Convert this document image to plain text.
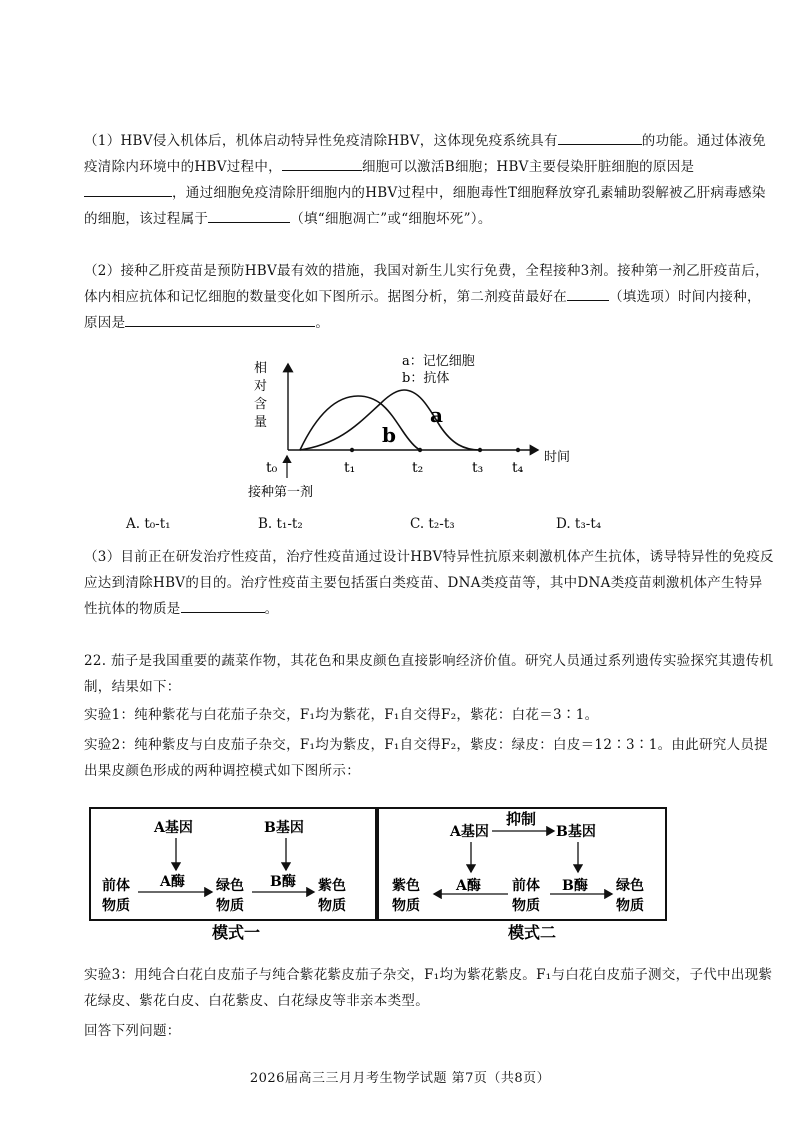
（1）HBV侵入机体后，机体启动特异性免疫清除HBV，这体现免疫系统具有	的功能。通过体液免疫清除内环境中的HBV过程中，	细胞可以激活B细胞；HBV主要侵染肝脏细胞的原因是，通过细胞免疫清除肝细胞内的HBV过程中，细胞毒性T细胞释放穿孔素辅助裂解被乙肝病毒感染的细胞，该过程属于	（填“细胞凋亡”或“细胞坏死”）。
（2）接种乙肝疫苗是预防HBV最有效的措施，我国对新生儿实行免费，全程接种3剂。接种第一剂乙肝疫苗后，体内相应抗体和记忆细胞的数量变化如下图所示。据图分析，第二剂疫苗最好在	（填选项）时间内接种，原因是	。
相
对
含
量
时间
a：记忆细胞
b：抗体
a
b
t₀	t₁	t₂	t₃ t₄
接种第一剂
A. t₀-t₁	B. t₁-t₂	C. t₂-t₃	D. t₃-t₄
（3）目前正在研发治疗性疫苗，治疗性疫苗通过设计HBV特异性抗原来刺激机体产生抗体，诱导特异性的免疫反应达到清除HBV的目的。治疗性疫苗主要包括蛋白类疫苗、DNA类疫苗等，其中DNA类疫苗刺激机体产生特异性抗体的物质是	。
22. 茄子是我国重要的蔬菜作物，其花色和果皮颜色直接影响经济价值。研究人员通过系列遗传实验探究其遗传机制，结果如下：
实验1：纯种紫花与白花茄子杂交，F₁均为紫花，F₁自交得F₂，紫花：白花＝3∶1。
实验2：纯种紫皮与白皮茄子杂交，F₁均为紫皮，F₁自交得F₂，紫皮：绿皮：白皮＝12∶3∶1。由此研究人员提出果皮颜色形成的两种调控模式如下图所示：
A基因	B基因
A酶	B酶
前体
物质
绿色
物质
紫色
物质
模式一
A基因
抑制
B基因
紫色
物质
A酶 前体
物质
B酶 绿色
物质
模式二
实验3：用纯合白花白皮茄子与纯合紫花紫皮茄子杂交，F₁均为紫花紫皮。F₁与白花白皮茄子测交，子代中出现紫花绿皮、紫花白皮、白花紫皮、白花绿皮等非亲本类型。
回答下列问题：
2026届高三三月月考生物学试题 第7页（共8页）
